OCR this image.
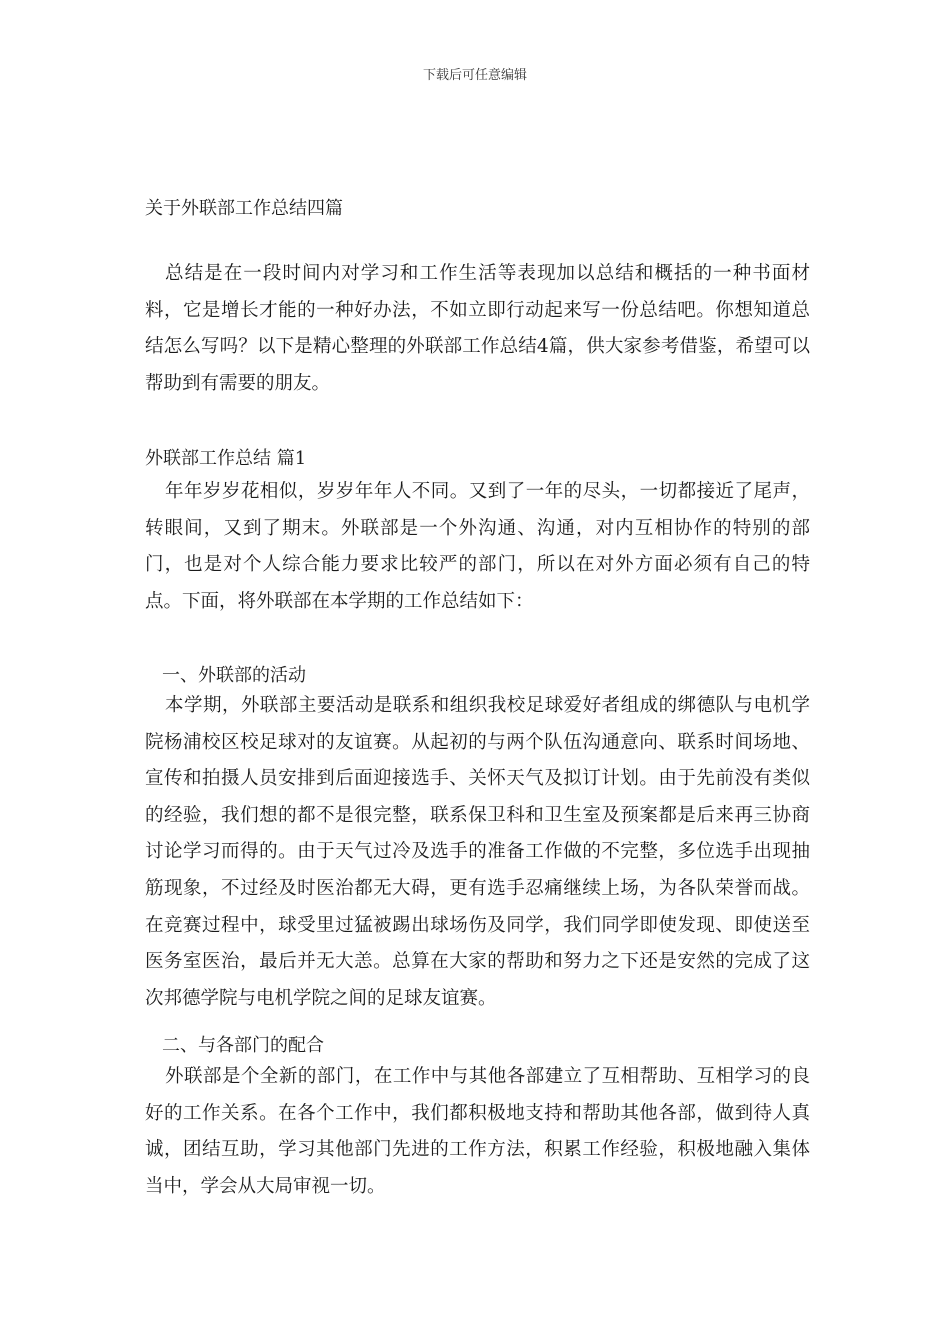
下载后可任意编辑
关于外联部工作总结四篇

总结是在一段时间内对学习和工作生活等表现加以总结和概括的一种书面材料，它是增长才能的一种好办法，不如立即行动起来写一份总结吧。你想知道总结怎么写吗？以下是精心整理的外联部工作总结4篇，供大家参考借鉴，希望可以帮助到有需要的朋友。

外联部工作总结 篇1

年年岁岁花相似，岁岁年年人不同。又到了一年的尽头，一切都接近了尾声，转眼间，又到了期末。外联部是一个外沟通、沟通，对内互相协作的特别的部门，也是对个人综合能力要求比较严的部门，所以在对外方面必须有自己的特点。下面，将外联部在本学期的工作总结如下：

一、外联部的活动

本学期，外联部主要活动是联系和组织我校足球爱好者组成的绑德队与电机学院杨浦校区校足球对的友谊赛。从起初的与两个队伍沟通意向、联系时间场地、宣传和拍摄人员安排到后面迎接选手、关怀天气及拟订计划。由于先前没有类似的经验，我们想的都不是很完整，联系保卫科和卫生室及预案都是后来再三协商讨论学习而得的。由于天气过冷及选手的准备工作做的不完整，多位选手出现抽筋现象，不过经及时医治都无大碍，更有选手忍痛继续上场，为各队荣誉而战。在竞赛过程中，球受里过猛被踢出球场伤及同学，我们同学即使发现、即使送至医务室医治，最后并无大恙。总算在大家的帮助和努力之下还是安然的完成了这次邦德学院与电机学院之间的足球友谊赛。

二、与各部门的配合

外联部是个全新的部门，在工作中与其他各部建立了互相帮助、互相学习的良好的工作关系。在各个工作中，我们都积极地支持和帮助其他各部，做到待人真诚，团结互助，学习其他部门先进的工作方法，积累工作经验，积极地融入集体当中，学会从大局审视一切。
